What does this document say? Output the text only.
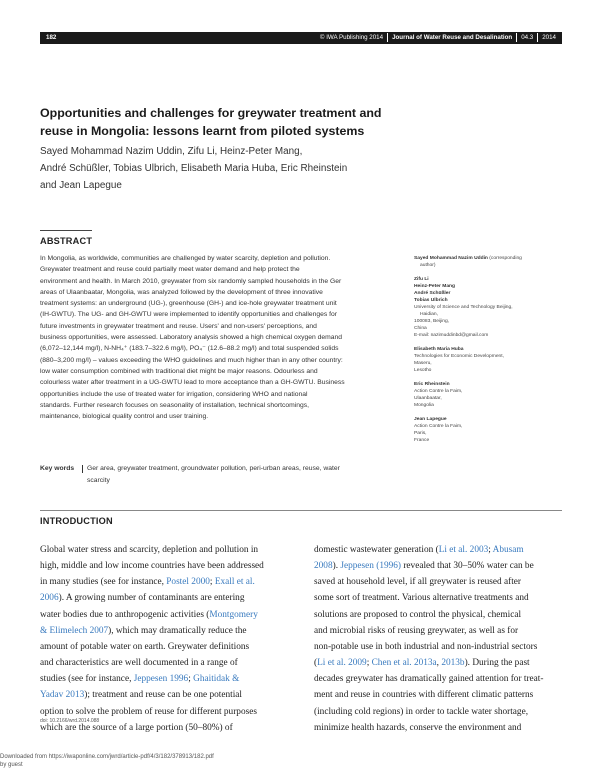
182	© IWA Publishing 2014 Journal of Water Reuse and Desalination 04.3 2014
Opportunities and challenges for greywater treatment and
reuse in Mongolia: lessons learnt from piloted systems
Sayed Mohammad Nazim Uddin, Zifu Li, Heinz-Peter Mang,
André Schüßler, Tobias Ulbrich, Elisabeth Maria Huba, Eric Rheinstein
and Jean Lapegue
ABSTRACT
In Mongolia, as worldwide, communities are challenged by water scarcity, depletion and pollution.
Greywater treatment and reuse could partially meet water demand and help protect the
environment and health. In March 2010, greywater from six randomly sampled households in the Ger
areas of Ulaanbaatar, Mongolia, was analyzed followed by the development of three innovative
treatment systems: an underground (UG-), greenhouse (GH-) and ice-hole greywater treatment unit
(IH-GWTU). The UG- and GH-GWTU were implemented to identify opportunities and challenges for
future investments in greywater treatment and reuse. Users' and non-users' perceptions, and
business opportunities, were assessed. Laboratory analysis showed a high chemical oxygen demand
(6,072–12,144 mg/l), N-NH₄⁺ (183.7–322.6 mg/l), PO₄⁻ (12.6–88.2 mg/l) and total suspended solids
(880–3,200 mg/l) – values exceeding the WHO guidelines and much higher than in any other country:
low water consumption combined with traditional diet might be major reasons. Odourless and
colourless water after treatment in a UG-GWTU lead to more acceptance than a GH-GWTU. Business
opportunities include the use of treated water for irrigation, considering WHO and national
standards. Further research focuses on seasonality of installation, technical shortcomings,
maintenance, biological quality control and user training.
Key words Ger area, greywater treatment, groundwater pollution, peri-urban areas, reuse, water
scarcity
Sayed Mohammad Nazim Uddin (corresponding
author)
Zifu Li
Heinz-Peter Mang
André Schüßler
Tobias Ulbrich
University of Science and Technology Beijing,
Haidian,
100083, Beijing,
China
E-mail: nazimuddinbd@gmail.com
Elisabeth Maria Huba
Technologies for Economic Development,
Maseru,
Lesotho
Eric Rheinstein
Action Contre la Faim,
Ulaanbaatar,
Mongolia
Jean Lapegue
Action Contre la Faim,
Paris,
France
INTRODUCTION
Global water stress and scarcity, depletion and pollution in
high, middle and low income countries have been addressed
in many studies (see for instance, Postel 2000; Exall et al.
2006). A growing number of contaminants are entering
water bodies due to anthropogenic activities (Montgomery
& Elimelech 2007), which may dramatically reduce the
amount of potable water on earth. Greywater definitions
and characteristics are well documented in a range of
studies (see for instance, Jeppesen 1996; Ghaitidak &
Yadav 2013); treatment and reuse can be one potential
option to solve the problem of reuse for different purposes
which are the source of a large portion (50–80%) of
domestic wastewater generation (Li et al. 2003; Abusam
2008). Jeppesen (1996) revealed that 30–50% water can be
saved at household level, if all greywater is reused after
some sort of treatment. Various alternative treatments and
solutions are proposed to control the physical, chemical
and microbial risks of reusing greywater, as well as for
non-potable use in both industrial and non-industrial sectors
(Li et al. 2009; Chen et al. 2013a, 2013b). During the past
decades greywater has dramatically gained attention for treat-
ment and reuse in countries with different climatic patterns
(including cold regions) in order to tackle water shortage,
minimize health hazards, conserve the environment and
doi: 10.2166/wrd.2014.088
Downloaded from https://iwaponline.com/jwrd/article-pdf/4/3/182/378913/182.pdf
by guest
